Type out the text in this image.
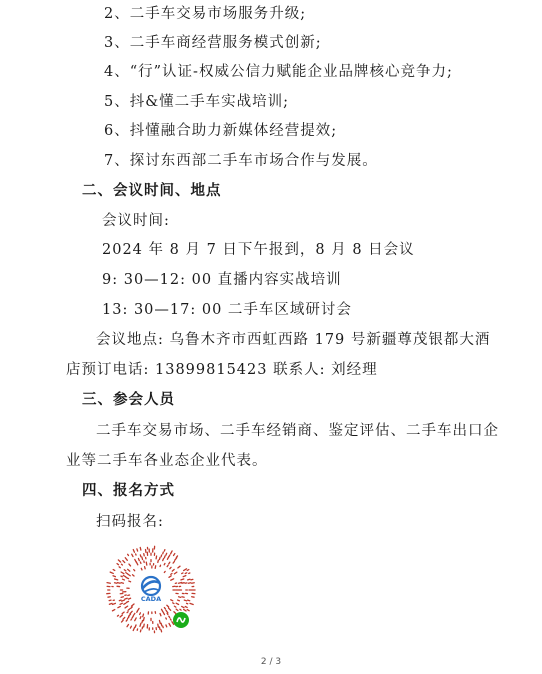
2、二手车交易市场服务升级;
3、二手车商经营服务模式创新;
4、“行”认证-权威公信力赋能企业品牌核心竞争力;
5、抖&懂二手车实战培训;
6、抖懂融合助力新媒体经营提效;
7、探讨东西部二手车市场合作与发展。
二、会议时间、地点
会议时间:
2024 年 8 月 7 日下午报到，8 月 8 日会议
9: 30—12: 00 直播内容实战培训
13: 30—17: 00 二手车区域研讨会
会议地点: 乌鲁木齐市西虹西路 179 号新疆尊茂银都大酒
店预订电话: 13899815423 联系人: 刘经理
三、参会人员
二手车交易市场、二手车经销商、鉴定评估、二手车出口企
业等二手车各业态企业代表。
四、报名方式
扫码报名:
CADA
2 / 3
